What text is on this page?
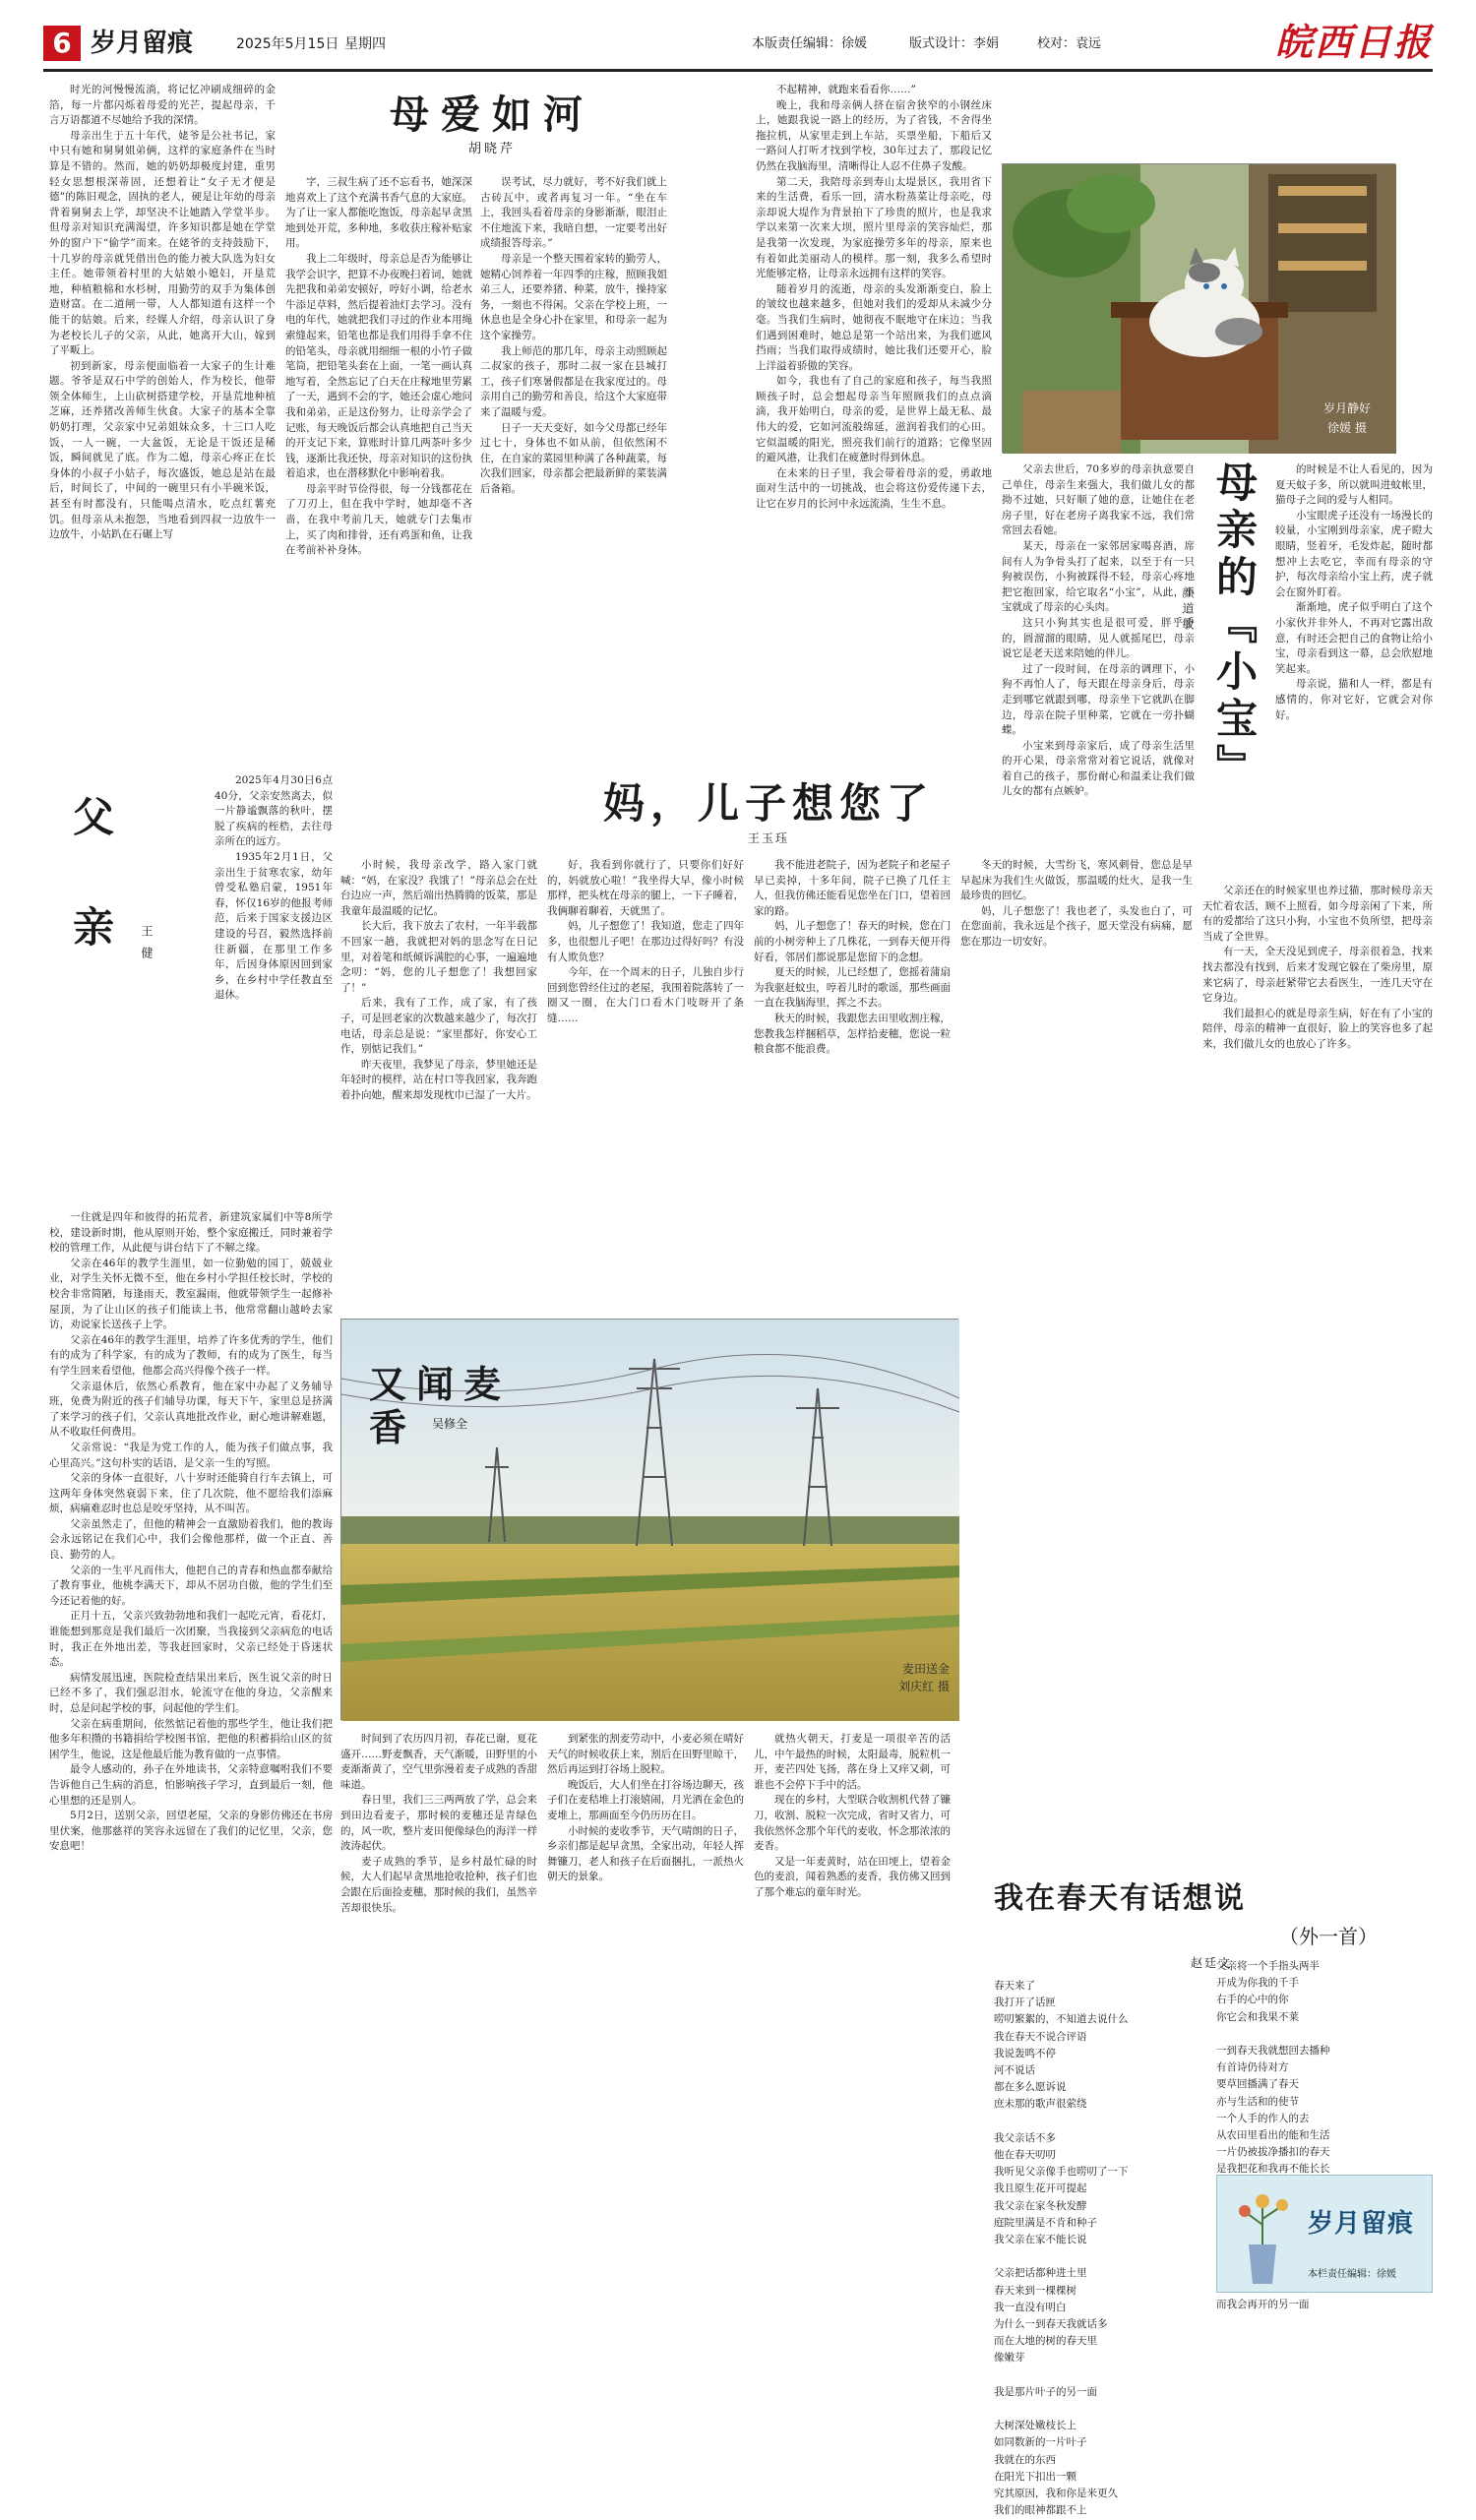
6 岁月留痕	2025年5月15日 星期四	本版责任编辑：徐媛	版式设计：李娟	校对：袁远	皖西日报

时光的河慢慢流淌，将记忆冲刷成细碎的金箔，每一片都闪烁着母爱的光芒，提起母亲，千言万语都道不尽她给予我的深情。

母亲出生于五十年代，姥爷是公社书记，家中只有她和舅舅姐弟俩，这样的家庭条件在当时算是不错的。然而，她的奶奶却极度封建，重男轻女思想根深蒂固，还想着让“女子无才便是德”的陈旧观念，固执的老人，硬是让年幼的母亲背着舅舅去上学，却坚决不让她踏入学堂半步。但母亲对知识充满渴望，许多知识都是她在学堂外的窗户下“偷学”而来。在姥爷的支持鼓励下，十几岁的母亲就凭借出色的能力被大队选为妇女主任。她带领着村里的大姑娘小媳妇，开垦荒地，种植粮棉和水杉树，用勤劳的双手为集体创造财富。在二道闸一带，人人都知道有这样一个能干的姑娘。后来，经媒人介绍，母亲认识了身为老校长儿子的父亲，从此，她离开大山，嫁到了平畈上。

初到新家，母亲便面临着一大家子的生计难题。爷爷是双石中学的创始人，作为校长，他带领全体师生，上山砍树搭建学校，开垦荒地种植芝麻，还养猪改善师生伙食。大家子的基本全靠奶奶打理，父亲家中兄弟姐妹众多，十三口人吃饭，一人一碗，一大盆饭，无论是干饭还是稀饭，瞬间就见了底。作为二媳，母亲心疼正在长身体的小叔子小姑子，每次盛饭，她总是站在最后，时间长了，中间的一碗里只有小半碗米饭，甚至有时都没有，只能喝点清水，吃点红薯充饥。但母亲从未抱怨，当地看到四叔一边放牛一边放牛，小姑趴在石碾上写

母爱如河
胡晓芹

字，三叔生病了还不忘看书，她深深地喜欢上了这个充满书香气息的大家庭。为了让一家人都能吃饱饭，母亲起早贪黑地到处开荒，多种地，多收获庄稼补贴家用。

我上二年级时，母亲总是否为能够让我学会识字，把算不办夜晚扫着词，她就先把我和弟弟安顿好，哼好小调，给老水牛添足草料，然后提着油灯去学习。没有电的年代，她就把我们寻过的作业本用绳索缝起来，铅笔也都是我们用得手拿不住的铅笔头，母亲就用细细一根的小竹子做笔筒，把铅笔头套在上面，一笔一画认真地写着，全然忘记了白天在庄稼地里劳累了一天，遇到不会的字，她还会虚心地问我和弟弟，正是这份努力，让母亲学会了记账，每天晚饭后都会认真地把自己当天的开支记下来，算账时计算几两茶叶多少钱，逐渐比我还快，母亲对知识的这份执着追求，也在潜移默化中影响着我。

母亲平时节俭得很，每一分钱都花在了刀刃上，但在我中学时，她却毫不吝啬，在我中考前几天，她就专门去集市上，买了肉和排骨，还有鸡蛋和鱼，让我在考前补补身体。

误考试，尽力就好，考不好我们就上古砖瓦中，或者再复习一年。“坐在车上，我回头看着母亲的身影渐渐，眼泪止不住地流下来，我暗自想，一定要考出好成绩报答母亲。”

母亲是一个整天围着家转的勤劳人，她精心饲养着一年四季的庄稼，照顾我姐弟三人，还要养猪、种菜，放牛，操持家务，一刻也不得闲。父亲在学校上班，一休息也是全身心扑在家里，和母亲一起为这个家操劳。

我上师范的那几年，母亲主动照顾起二叔家的孩子，那时二叔一家在县城打工，孩子们寒暑假都是在我家度过的。母亲用自己的勤劳和善良，给这个大家庭带来了温暖与爱。

日子一天天变好，如今父母都已经年过七十，身体也不如从前，但依然闲不住，在自家的菜园里种满了各种蔬菜，每次我们回家，母亲都会把最新鲜的菜装满后备箱。

不起精神，就跑来看看你……”

晚上，我和母亲俩人挤在宿舍狭窄的小钢丝床上，她跟我说一路上的经历，为了省钱，不舍得坐拖拉机，从家里走到上车站，买票坐船，下船后又一路问人打听才找到学校，30年过去了，那段记忆仍然在我脑海里，清晰得让人忍不住鼻子发酸。

第二天，我陪母亲到寿山太堤景区，我用省下来的生活费，看乐一回，清水粉蒸菜让母亲吃，母亲却说大堤作为背景拍下了珍贵的照片，也是我求学以来第一次来大坝，照片里母亲的笑容灿烂，那是我第一次发现，为家庭操劳多年的母亲，原来也有着如此美丽动人的模样。那一刻，我多么希望时光能够定格，让母亲永远拥有这样的笑容。

随着岁月的流逝，母亲的头发渐渐变白，脸上的皱纹也越来越多，但她对我们的爱却从未减少分毫。当我们生病时，她彻夜不眠地守在床边；当我们遇到困难时，她总是第一个站出来，为我们遮风挡雨；当我们取得成绩时，她比我们还要开心，脸上洋溢着骄傲的笑容。

如今，我也有了自己的家庭和孩子，每当我照顾孩子时，总会想起母亲当年照顾我们的点点滴滴，我开始明白，母亲的爱，是世界上最无私、最伟大的爱，它如河流般绵延，滋润着我们的心田。它似温暖的阳光，照亮我们前行的道路；它像坚固的避风港，让我们在疲惫时得到休息。

在未来的日子里，我会带着母亲的爱，勇敢地面对生活中的一切挑战，也会将这份爱传递下去，让它在岁月的长河中永远流淌，生生不息。

岁月静好
徐媛 摄

父亲去世后，70多岁的母亲执意要自己单住，母亲生来强大，我们做儿女的都拗不过她，只好顺了她的意，让她住在老房子里，好在老房子离我家不远，我们常常回去看她。

某天，母亲在一家邻居家喝喜酒，席间有人为争骨头打了起来，以至于有一只狗被误伤，小狗被踩得不轻，母亲心疼地把它抱回家，给它取名“小宝”，从此，小宝就成了母亲的心头肉。

这只小狗其实也是很可爱，胖乎乎的，圆溜溜的眼睛，见人就摇尾巴，母亲说它是老天送来陪她的伴儿。

过了一段时间，在母亲的调理下，小狗不再怕人了，每天跟在母亲身后，母亲走到哪它就跟到哪，母亲坐下它就趴在脚边，母亲在院子里种菜，它就在一旁扑蝴蝶。

小宝来到母亲家后，成了母亲生活里的开心果，母亲常常对着它说话，就像对着自己的孩子，那份耐心和温柔让我们做儿女的都有点嫉妒。

母亲的『小宝』
颜道敏

的时候是不让人看见的，因为夏天蚊子多，所以就叫进蚊帐里，猫母子之间的爱与人相同。

小宝眼虎子还没有一场漫长的较量，小宝刚到母亲家，虎子瞪大眼睛，竖着牙，毛发炸起，随时都想冲上去吃它，幸而有母亲的守护，每次母亲给小宝上药，虎子就会在窗外盯着。

渐渐地，虎子似乎明白了这个小家伙并非外人，不再对它露出敌意，有时还会把自己的食物让给小宝，母亲看到这一幕，总会欣慰地笑起来。

母亲说，猫和人一样，都是有感情的，你对它好，它就会对你好。

父亲还在的时候家里也养过猫，那时候母亲天天忙着农活，顾不上照看，如今母亲闲了下来，所有的爱都给了这只小狗，小宝也不负所望，把母亲当成了全世界。

有一天，全天没见到虎子，母亲很着急，找来找去都没有找到，后来才发现它躲在了柴房里，原来它病了，母亲赶紧带它去看医生，一连几天守在它身边。

我们最担心的就是母亲生病，好在有了小宝的陪伴，母亲的精神一直很好，脸上的笑容也多了起来，我们做儿女的也放心了许多。

父亲	王健

2025年4月30日6点40分，父亲安然离去，似一片静谧飘落的秋叶，摆脱了疾病的桎梏，去往母亲所在的远方。

1935年2月1日，父亲出生于贫寒农家，幼年曾受私塾启蒙，1951年春，怀仅16岁的他报考师范，后来于国家支援边区建设的号召，毅然选择前往新疆，在那里工作多年，后因身体原因回到家乡，在乡村中学任教直至退休。

一住就是四年和彼得的拓荒者，新建筑家属们中等8所学校，建设新时期，他从原则开始，整个家庭搬迁，同时兼着学校的管理工作，从此便与讲台结下了不解之缘。

父亲在46年的教学生涯里，如一位勤勉的园丁，兢兢业业，对学生关怀无微不至，他在乡村小学担任校长时，学校的校舍非常简陋，每逢雨天，教室漏雨，他就带领学生一起修补屋顶，为了让山区的孩子们能读上书，他常常翻山越岭去家访，劝说家长送孩子上学。

父亲在46年的教学生涯里，培养了许多优秀的学生，他们有的成为了科学家，有的成为了教师，有的成为了医生，每当有学生回来看望他，他都会高兴得像个孩子一样。

父亲退休后，依然心系教育，他在家中办起了义务辅导班，免费为附近的孩子们辅导功课，每天下午，家里总是挤满了来学习的孩子们，父亲认真地批改作业，耐心地讲解难题，从不收取任何费用。

父亲常说：“我是为党工作的人，能为孩子们做点事，我心里高兴。”这句朴实的话语，是父亲一生的写照。

父亲的身体一直很好，八十岁时还能骑自行车去镇上，可这两年身体突然衰弱下来，住了几次院，他不愿给我们添麻烦，病痛难忍时也总是咬牙坚持，从不叫苦。

父亲虽然走了，但他的精神会一直激励着我们，他的教诲会永远铭记在我们心中，我们会像他那样，做一个正直、善良、勤劳的人。

父亲的一生平凡而伟大，他把自己的青春和热血都奉献给了教育事业，他桃李满天下，却从不居功自傲，他的学生们至今还记着他的好。

正月十五，父亲兴致勃勃地和我们一起吃元宵，看花灯，谁能想到那竟是我们最后一次团聚，当我接到父亲病危的电话时，我正在外地出差，等我赶回家时，父亲已经处于昏迷状态。

病情发展迅速，医院检查结果出来后，医生说父亲的时日已经不多了，我们强忍泪水，轮流守在他的身边，父亲醒来时，总是问起学校的事，问起他的学生们。

父亲在病重期间，依然惦记着他的那些学生，他让我们把他多年积攒的书籍捐给学校图书馆，把他的积蓄捐给山区的贫困学生，他说，这是他最后能为教育做的一点事情。

最令人感动的，孙子在外地读书，父亲特意嘱咐我们不要告诉他自己生病的消息，怕影响孩子学习，直到最后一刻，他心里想的还是别人。

5月2日，送别父亲，回望老屋，父亲的身影仿佛还在书房里伏案，他那慈祥的笑容永远留在了我们的记忆里，父亲，您安息吧！

妈，儿子想您了
王玉珏

小时候，我母亲改学，路入家门就喊：“妈，在家没？我饿了！”母亲总会在灶台边应一声，然后端出热腾腾的饭菜，那是我童年最温暖的记忆。

长大后，我下放去了农村，一年半载都不回家一趟，我就把对妈的思念写在日记里，对着笔和纸倾诉满腔的心事，一遍遍地念叨：“妈，您的儿子想您了！我想回家了！”

后来，我有了工作，成了家，有了孩子，可是回老家的次数越来越少了，每次打电话，母亲总是说：“家里都好，你安心工作，别惦记我们。”

昨天夜里，我梦见了母亲，梦里她还是年轻时的模样，站在村口等我回家，我奔跑着扑向她，醒来却发现枕巾已湿了一大片。

好，我看到你就行了，只要你们好好的，妈就放心啦！”我坐得大早，像小时候那样，把头枕在母亲的腿上，一下子睡着，我俩聊着聊着，天就黑了。

妈，儿子想您了！我知道，您走了四年多，也很想儿子吧！在那边过得好吗？有没有人欺负您？

今年，在一个周末的日子，儿独自步行回到您曾经住过的老屋，我围着院落转了一圈又一圈，在大门口看木门吱呀开了条缝……

我不能进老院子，因为老院子和老屋子早已卖掉，十多年间，院子已换了几任主人，但我仿佛还能看见您坐在门口，望着回家的路。

妈，儿子想您了！春天的时候，您在门前的小树旁种上了几株花，一到春天便开得好看，邻居们都说那是您留下的念想。

夏天的时候，儿已经想了，您摇着蒲扇为我驱赶蚊虫，哼着儿时的歌谣，那些画面一直在我脑海里，挥之不去。

秋天的时候，我跟您去田里收割庄稼，您教我怎样捆稻草，怎样拾麦穗，您说一粒粮食都不能浪费。

冬天的时候，大雪纷飞，寒风刺骨，您总是早早起床为我们生火做饭，那温暖的灶火，是我一生最珍贵的回忆。

妈，儿子想您了！我也老了，头发也白了，可在您面前，我永远是个孩子，愿天堂没有病痛，愿您在那边一切安好。

又闻麦香	吴修全
麦田送金
刘庆红 摄

时间到了农历四月初，春花已谢，夏花盛开……野麦飘香，天气渐暖，田野里的小麦渐渐黄了，空气里弥漫着麦子成熟的香甜味道。

春日里，我们三三两两放了学，总会来到田边看麦子，那时候的麦穗还是青绿色的，风一吹，整片麦田便像绿色的海洋一样波涛起伏。

麦子成熟的季节，是乡村最忙碌的时候，大人们起早贪黑地抢收抢种，孩子们也会跟在后面捡麦穗，那时候的我们，虽然辛苦却很快乐。

到紧张的割麦劳动中，小麦必须在晴好天气的时候收获上来，割后在田野里晾干，然后再运到打谷场上脱粒。

晚饭后，大人们坐在打谷场边聊天，孩子们在麦秸堆上打滚嬉闹，月光洒在金色的麦堆上，那画面至今仍历历在目。

小时候的麦收季节，天气晴朗的日子，乡亲们都是起早贪黑，全家出动，年轻人挥舞镰刀，老人和孩子在后面捆扎，一派热火朝天的景象。

就热火朝天，打麦是一项很辛苦的活儿，中午最热的时候，太阳最毒，脱粒机一开，麦芒四处飞扬，落在身上又痒又刺，可谁也不会停下手中的活。

现在的乡村，大型联合收割机代替了镰刀，收割、脱粒一次完成，省时又省力，可我依然怀念那个年代的麦收，怀念那浓浓的麦香。

又是一年麦黄时，站在田埂上，望着金色的麦浪，闻着熟悉的麦香，我仿佛又回到了那个难忘的童年时光。	我在春天有话想说
（外一首）
赵廷文
春天来了
我打开了话匣
唠叨繁絮的，不知道去说什么
我在春天不说合评语
我说轰鸣不停
河不说话
都在多么愿诉说
庶未那的歌声很萦绕

我父亲话不多
他在春天叨叨
我听见父亲像手也唠叨了一下
我且原生花开可提起
我父亲在家冬秋发酵
庭院里满是不肯和种子
我父亲在家不能长说

父亲把话都种进土里
春天来到一棵棵树
我一直没有明白
为什么一到春天我就话多
而在大地的树的春天里
像嫩芽

我是那片叶子的另一面

大树深处嫩枝长上
如同数新的一片叶子
我就在的东西
在阳光下扣出一颗
究其原因，我和你是米更久
我们的眼神都跟不上
父亲将一个手指头两半
开成为你我的千手
右手的心中的你
你它会和我果不莱

一到春天我就想回去播种
有首诗仍待对方
要草回播满了春天
亦与生活和的使节
一个人手的作人的去
从农田里看出的能和生活
一片仍被拔净播扣的春天
是我把花和我再不能长长

而我会再开的另一面
岁月留痕
本栏责任编辑：徐媛
